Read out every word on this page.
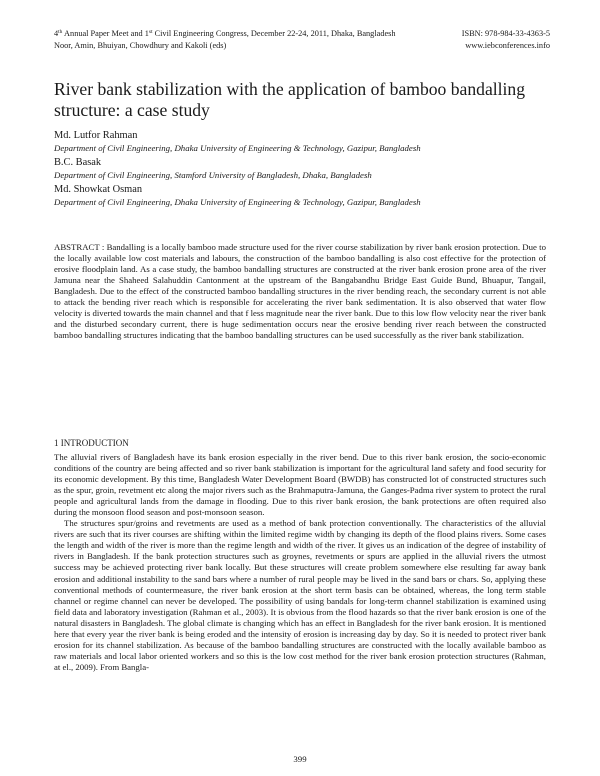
4th Annual Paper Meet and 1st Civil Engineering Congress, December 22-24, 2011, Dhaka, Bangladesh	ISBN: 978-984-33-4363-5
Noor, Amin, Bhuiyan, Chowdhury and Kakoli (eds)	www.iebconferences.info
River bank stabilization with the application of bamboo bandalling structure: a case study
Md. Lutfor Rahman
Department of Civil Engineering, Dhaka University of Engineering & Technology, Gazipur, Bangladesh
B.C. Basak
Department of Civil Engineering, Stamford University of Bangladesh, Dhaka, Bangladesh
Md. Showkat Osman
Department of Civil Engineering, Dhaka University of Engineering & Technology, Gazipur, Bangladesh
ABSTRACT : Bandalling is a locally bamboo made structure used for the river course stabilization by river bank erosion protection. Due to the locally available low cost materials and labours, the construction of the bamboo bandalling is also cost effective for the protection of erosive floodplain land. As a case study, the bamboo bandalling structures are constructed at the river bank erosion prone area of the river Jamuna near the Shaheed Salahuddin Cantonment at the upstream of the Bangabandhu Bridge East Guide Bund, Bhuapur, Tangail, Bangladesh. Due to the effect of the constructed bamboo bandalling structures in the river bending reach, the secondary current is not able to attack the bending river reach which is responsible for accelerating the river bank sedimentation. It is also observed that water flow velocity is diverted towards the main channel and that f less magnitude near the river bank. Due to this low flow velocity near the river bank and the disturbed secondary current, there is huge sedimentation occurs near the erosive bending river reach between the constructed bamboo bandalling structures indicating that the bamboo bandalling structures can be used successfully as the river bank stabilization.
1 INTRODUCTION

The alluvial rivers of Bangladesh have its bank erosion especially in the river bend. Due to this river bank erosion, the socio-economic conditions of the country are being affected and so river bank stabilization is important for the agricultural land safety and food security for its economic development. By this time, Bangladesh Water Development Board (BWDB) has constructed lot of constructed structures such as the spur, groin, revetment etc along the major rivers such as the Brahmaputra-Jamuna, the Ganges-Padma river system to protect the rural people and agricultural lands from the damage in flooding. Due to this river bank erosion, the bank protections are often required also during the monsoon flood season and post-monsoon season.

The structures spur/groins and revetments are used as a method of bank protection conventionally. The characteristics of the alluvial rivers are such that its river courses are shifting within the limited regime width by changing its depth of the flood plains rivers. Some cases the length and width of the river is more than the regime length and width of the river. It gives us an indication of the degree of instability of rivers in Bangladesh. If the bank protection structures such as groynes, revetments or spurs are applied in the alluvial rivers the utmost success may be achieved protecting river bank locally. But these structures will create problem somewhere else resulting far away bank erosion and additional instability to the sand bars where a number of rural people may be lived in the sand bars or chars. So, applying these conventional methods of countermeasure, the river bank erosion at the short term basis can be obtained, whereas, the long term stable channel or regime channel can never be developed. The possibility of using bandals for long-term channel stabilization is examined using field data and laboratory investigation (Rahman et al., 2003). It is obvious from the flood hazards so that the river bank erosion is one of the natural disasters in Bangladesh. The global climate is changing which has an effect in Bangladesh for the river bank erosion. It is mentioned here that every year the river bank is being eroded and the intensity of erosion is increasing day by day. So it is needed to protect river bank erosion for its channel stabilization. As because of the bamboo bandalling structures are constructed with the locally available bamboo as raw materials and local labor oriented workers and so this is the low cost method for the river bank erosion protection structures (Rahman, at el., 2009). From Bangla-

399
